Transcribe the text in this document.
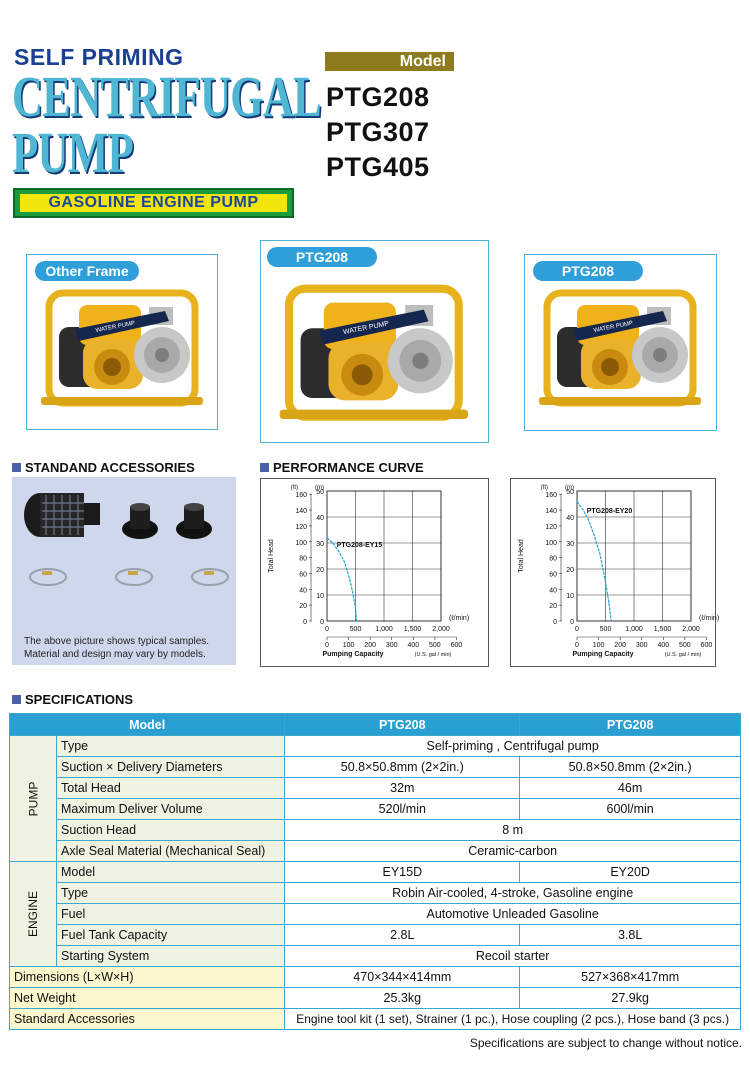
SELF PRIMING
CENTRIFUGAL
PUMP
GASOLINE ENGINE PUMP
Model
PTG208
PTG307
PTG405
WATER PUMP
Other Frame
WATER PUMP
PTG208
WATER PUMP
PTG208
STANDAND ACCESSORIES
The above picture shows typical samples.
Material and design may vary by models.
PERFORMANCE CURVE
50
40
30
20
10
0
160
140
120
100
80
60
40
20
0
(ft)	(m)
Total Head
0	500 1,000 1,500 2,000
(ℓ/min)
0 100 200 300 400 500 600
Pumping Capacity	(U.S. gal / min)
PTG208-EY15
50
40
30
20
10
0
160
140
120
100
80
60
40
20
0
(ft)	(m)
Total Head
0	500 1,000 1,500 2,000
(ℓ/min)
0 100 200 300 400 500 600
Pumping Capacity	(U.S. gal / min)
PTG208-EY20
SPECIFICATIONS
Model		PTG208	PTG208
PUMP	Type	Self-priming , Centrifugal pump	
	Suction × Delivery Diameters	50.8×50.8mm (2×2in.)	50.8×50.8mm (2×2in.)
	Total Head	32m	46m
	Maximum Deliver Volume	520l/min	600l/min
	Suction Head	8 m	
	Axle Seal Material (Mechanical Seal)	Ceramic-carbon	
ENGINE	Model	EY15D	EY20D
	Type	Robin Air-cooled, 4-stroke, Gasoline engine	
	Fuel	Automotive Unleaded Gasoline	
	Fuel Tank Capacity	2.8L	3.8L
	Starting System	Recoil starter	
Dimensions (L×W×H)		470×344×414mm	527×368×417mm
Net Weight		25.3kg	27.9kg
Standard Accessories		Engine tool kit (1 set), Strainer (1 pc.), Hose coupling (2 pcs.), Hose band (3 pcs.)	
Specifications are subject to change without notice.
